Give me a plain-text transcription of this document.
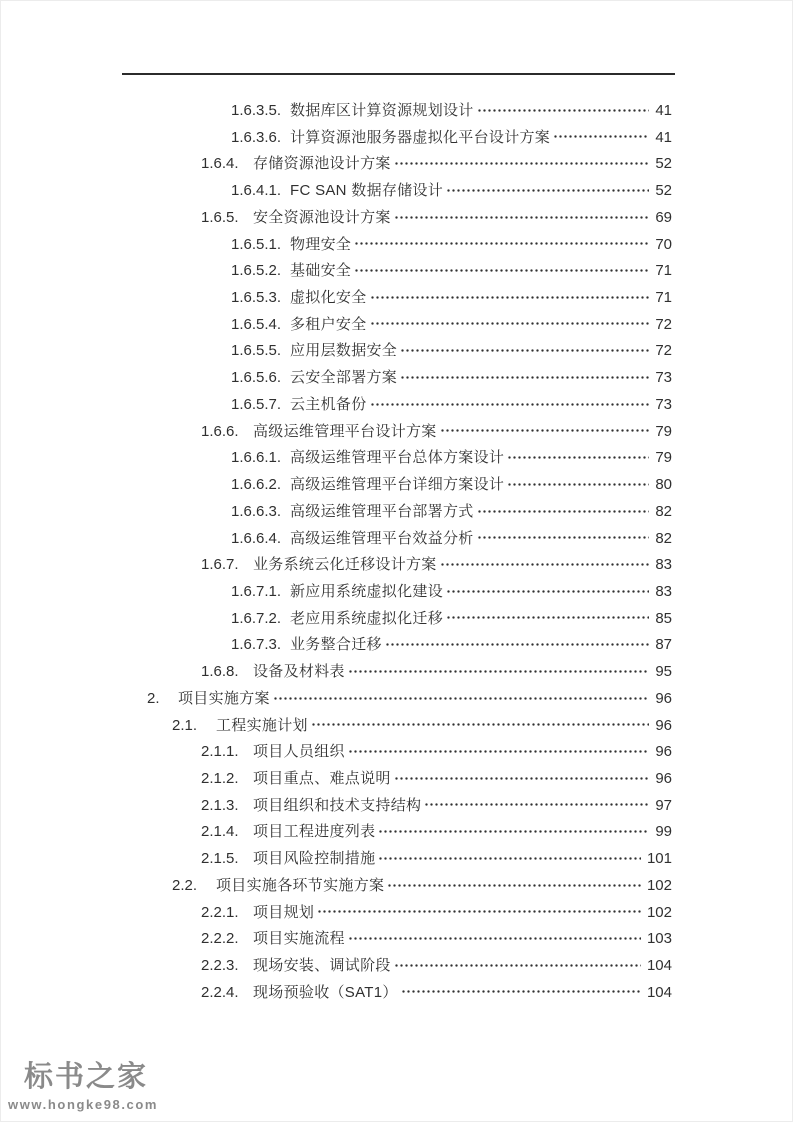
1.6.3.5. 数据库区计算资源规划设计	41
1.6.3.6. 计算资源池服务器虚拟化平台设计方案	41
1.6.4. 存储资源池设计方案	52
1.6.4.1. FC SAN 数据存储设计	52
1.6.5. 安全资源池设计方案	69
1.6.5.1. 物理安全	70
1.6.5.2. 基础安全	71
1.6.5.3. 虚拟化安全	71
1.6.5.4. 多租户安全	72
1.6.5.5. 应用层数据安全	72
1.6.5.6. 云安全部署方案	73
1.6.5.7. 云主机备份	73
1.6.6. 高级运维管理平台设计方案	79
1.6.6.1. 高级运维管理平台总体方案设计	79
1.6.6.2. 高级运维管理平台详细方案设计	80
1.6.6.3. 高级运维管理平台部署方式	82
1.6.6.4. 高级运维管理平台效益分析	82
1.6.7. 业务系统云化迁移设计方案	83
1.6.7.1. 新应用系统虚拟化建设	83
1.6.7.2. 老应用系统虚拟化迁移	85
1.6.7.3. 业务整合迁移	87
1.6.8. 设备及材料表	95
2.	项目实施方案	96
2.1.	工程实施计划	96
2.1.1. 项目人员组织	96
2.1.2. 项目重点、难点说明	96
2.1.3. 项目组织和技术支持结构	97
2.1.4. 项目工程进度列表	99
2.1.5. 项目风险控制措施	101
2.2.	项目实施各环节实施方案	102
2.2.1. 项目规划	102
2.2.2. 项目实施流程	103
2.2.3. 现场安装、调试阶段	104
2.2.4. 现场预验收（SAT1）	104
标书之家
www.hongke98.com
